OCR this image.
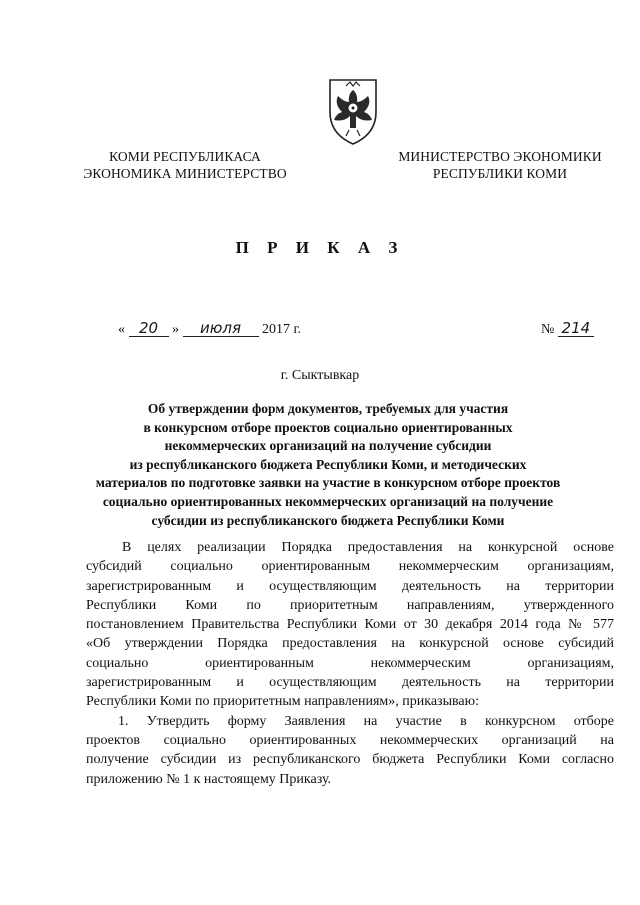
КОМИ РЕСПУБЛИКАСА
ЭКОНОМИКА МИНИСТЕРСТВО
МИНИСТЕРСТВО ЭКОНОМИКИ
РЕСПУБЛИКИ КОМИ
П Р И К А З
« 20 » июля 2017 г.	№ 214
г. Сыктывкар
Об утверждении форм документов, требуемых для участия
в конкурсном отборе проектов социально ориентированных
некоммерческих организаций на получение субсидии
из республиканского бюджета Республики Коми, и методических
материалов по подготовке заявки на участие в конкурсном отборе проектов
социально ориентированных некоммерческих организаций на получение
субсидии из республиканского бюджета Республики Коми
В целях реализации Порядка предоставления на конкурсной основе
субсидий социально ориентированным некоммерческим организациям,
зарегистрированным и осуществляющим деятельность на территории
Республики Коми по приоритетным направлениям, утвержденного
постановлением Правительства Республики Коми от 30 декабря 2014 года № 577
«Об утверждении Порядка предоставления на конкурсной основе субсидий
социально ориентированным некоммерческим организациям,
зарегистрированным и осуществляющим деятельность на территории
Республики Коми по приоритетным направлениям», приказываю:
1. Утвердить форму Заявления на участие в конкурсном отборе
проектов социально ориентированных некоммерческих организаций на
получение субсидии из республиканского бюджета Республики Коми согласно
приложению № 1 к настоящему Приказу.
